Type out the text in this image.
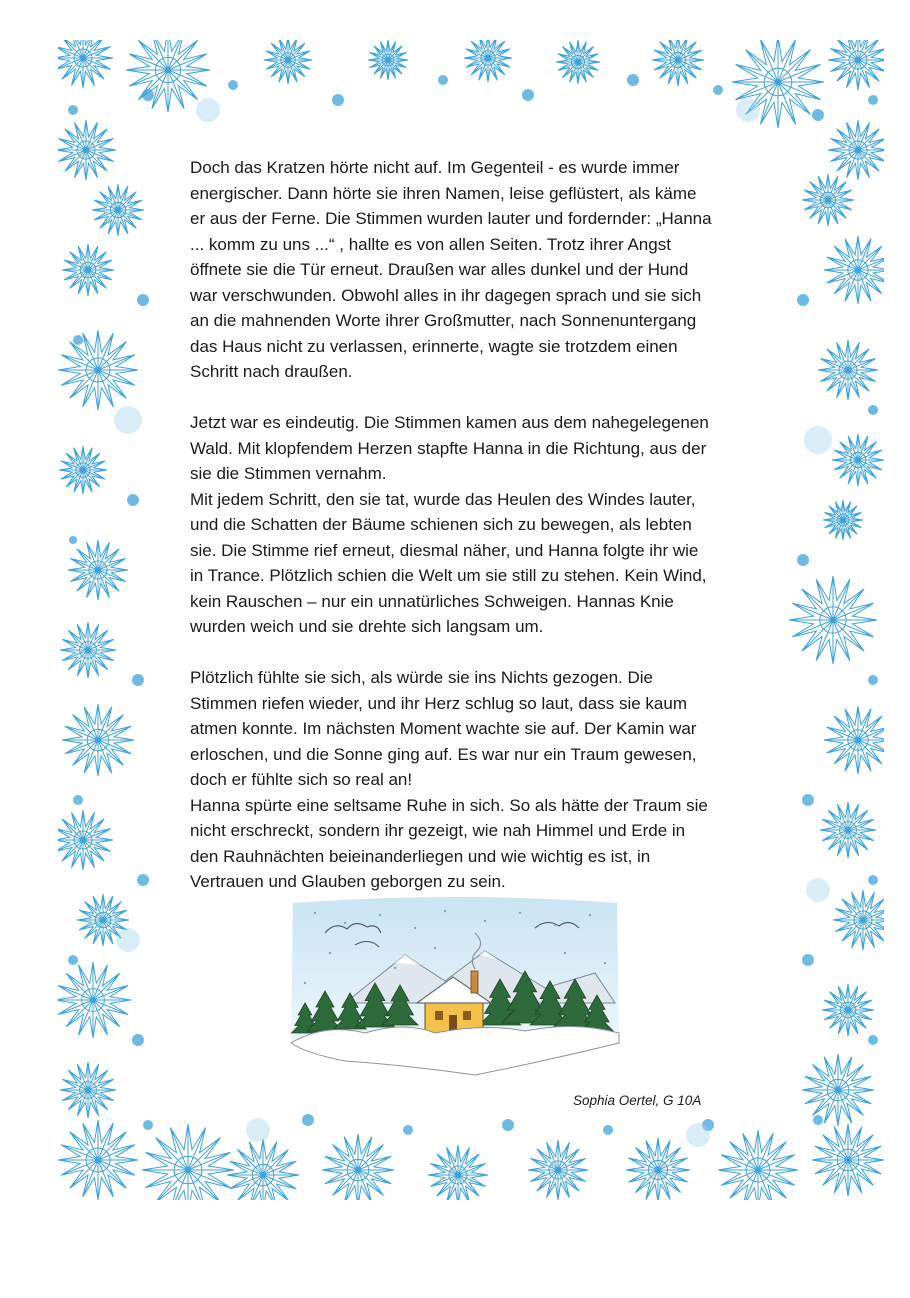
Doch das Kratzen hörte nicht auf. Im Gegenteil - es wurde immer
energischer. Dann hörte sie ihren Namen, leise geflüstert, als käme
er aus der Ferne. Die Stimmen wurden lauter und fordernder: „Hanna
... komm zu uns ...“ , hallte es von allen Seiten. Trotz ihrer Angst
öffnete sie die Tür erneut. Draußen war alles dunkel und der Hund
war verschwunden. Obwohl alles in ihr dagegen sprach und sie sich
an die mahnenden Worte ihrer Großmutter, nach Sonnenuntergang
das Haus nicht zu verlassen, erinnerte, wagte sie trotzdem einen
Schritt nach draußen.

Jetzt war es eindeutig. Die Stimmen kamen aus dem nahegelegenen
Wald. Mit klopfendem Herzen stapfte Hanna in die Richtung, aus der
sie die Stimmen vernahm.
Mit jedem Schritt, den sie tat, wurde das Heulen des Windes lauter,
und die Schatten der Bäume schienen sich zu bewegen, als lebten
sie. Die Stimme rief erneut, diesmal näher, und Hanna folgte ihr wie
in Trance. Plötzlich schien die Welt um sie still zu stehen. Kein Wind,
kein Rauschen – nur ein unnatürliches Schweigen. Hannas Knie
wurden weich und sie drehte sich langsam um.

Plötzlich fühlte sie sich, als würde sie ins Nichts gezogen. Die
Stimmen riefen wieder, und ihr Herz schlug so laut, dass sie kaum
atmen konnte. Im nächsten Moment wachte sie auf. Der Kamin war
erloschen, und die Sonne ging auf. Es war nur ein Traum gewesen,
doch er fühlte sich so real an!
Hanna spürte eine seltsame Ruhe in sich. So als hätte der Traum sie
nicht erschreckt, sondern ihr gezeigt, wie nah Himmel und Erde in
den Rauhnächten beieinanderliegen und wie wichtig es ist, in
Vertrauen und Glauben geborgen zu sein.

Sophia Oertel, G 10A
